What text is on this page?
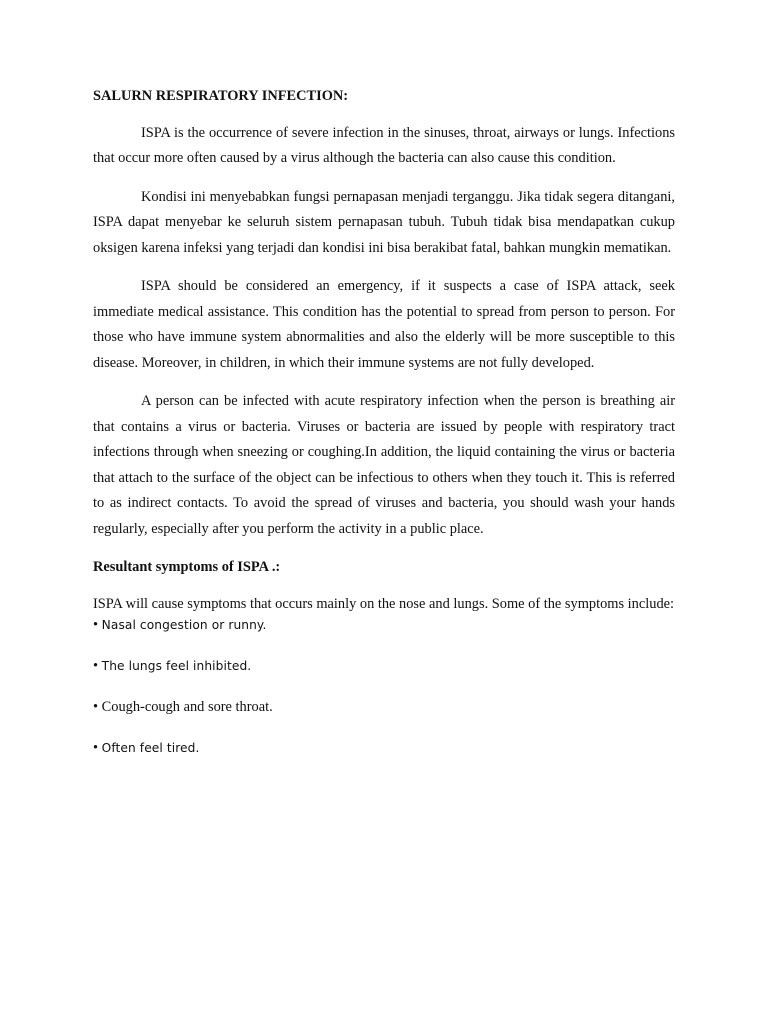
SALURN RESPIRATORY INFECTION:

ISPA is the occurrence of severe infection in the sinuses, throat, airways or lungs. Infections that occur more often caused by a virus although the bacteria can also cause this condition.

Kondisi ini menyebabkan fungsi pernapasan menjadi terganggu. Jika tidak segera ditangani, ISPA dapat menyebar ke seluruh sistem pernapasan tubuh. Tubuh tidak bisa mendapatkan cukup oksigen karena infeksi yang terjadi dan kondisi ini bisa berakibat fatal, bahkan mungkin mematikan.

ISPA should be considered an emergency, if it suspects a case of ISPA attack, seek immediate medical assistance. This condition has the potential to spread from person to person. For those who have immune system abnormalities and also the elderly will be more susceptible to this disease. Moreover, in children, in which their immune systems are not fully developed.

A person can be infected with acute respiratory infection when the person is breathing air that contains a virus or bacteria. Viruses or bacteria are issued by people with respiratory tract infections through when sneezing or coughing.In addition, the liquid containing the virus or bacteria that attach to the surface of the object can be infectious to others when they touch it. This is referred to as indirect contacts. To avoid the spread of viruses and bacteria, you should wash your hands regularly, especially after you perform the activity in a public place.

Resultant symptoms of ISPA .:

ISPA will cause symptoms that occurs mainly on the nose and lungs. Some of the symptoms include:

• Nasal congestion or runny.
• The lungs feel inhibited.
• Cough-cough and sore throat.
• Often feel tired.
